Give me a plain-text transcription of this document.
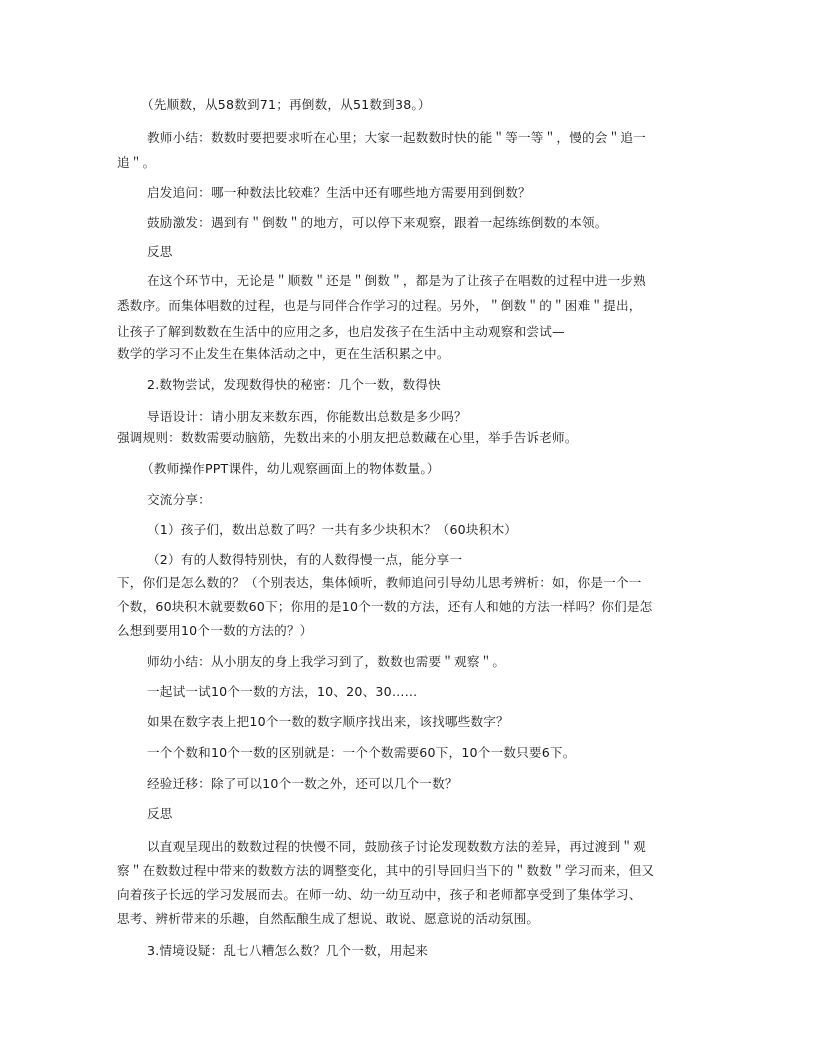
（先顺数，从58数到71；再倒数，从51数到38。）
教师小结：数数时要把要求听在心里；大家一起数数时快的能＂等一等＂，慢的会＂追一
追＂。
启发追问：哪一种数法比较难？生活中还有哪些地方需要用到倒数？
鼓励激发：遇到有＂倒数＂的地方，可以停下来观察，跟着一起练练倒数的本领。
反思
在这个环节中，无论是＂顺数＂还是＂倒数＂，都是为了让孩子在唱数的过程中进一步熟
悉数序。而集体唱数的过程，也是与同伴合作学习的过程。另外，＂倒数＂的＂困难＂提出，
让孩子了解到数数在生活中的应用之多，也启发孩子在生活中主动观察和尝试—
数学的学习不止发生在集体活动之中，更在生活积累之中。
2.数物尝试，发现数得快的秘密：几个一数，数得快
导语设计：请小朋友来数东西，你能数出总数是多少吗？
强调规则：数数需要动脑筋，先数出来的小朋友把总数藏在心里，举手告诉老师。
（教师操作PPT课件，幼儿观察画面上的物体数量。）
交流分享：
（1）孩子们，数出总数了吗？一共有多少块积木？（60块积木）
（2）有的人数得特别快，有的人数得慢一点，能分享一
下，你们是怎么数的？（个别表达，集体倾听，教师追问引导幼儿思考辨析：如，你是一个一
个数，60块积木就要数60下；你用的是10个一数的方法，还有人和她的方法一样吗？你们是怎
么想到要用10个一数的方法的？）
师幼小结：从小朋友的身上我学习到了，数数也需要＂观察＂。
一起试一试10个一数的方法，10、20、30……
如果在数字表上把10个一数的数字顺序找出来，该找哪些数字？
一个个数和10个一数的区别就是：一个个数需要60下，10个一数只要6下。
经验迁移：除了可以10个一数之外，还可以几个一数？
反思
以直观呈现出的数数过程的快慢不同，鼓励孩子讨论发现数数方法的差异，再过渡到＂观
察＂在数数过程中带来的数数方法的调整变化，其中的引导回归当下的＂数数＂学习而来，但又
向着孩子长远的学习发展而去。在师一幼、幼一幼互动中，孩子和老师都享受到了集体学习、
思考、辨析带来的乐趣，自然酝酿生成了想说、敢说、愿意说的活动氛围。
3.情境设疑：乱七八糟怎么数？几个一数，用起来
